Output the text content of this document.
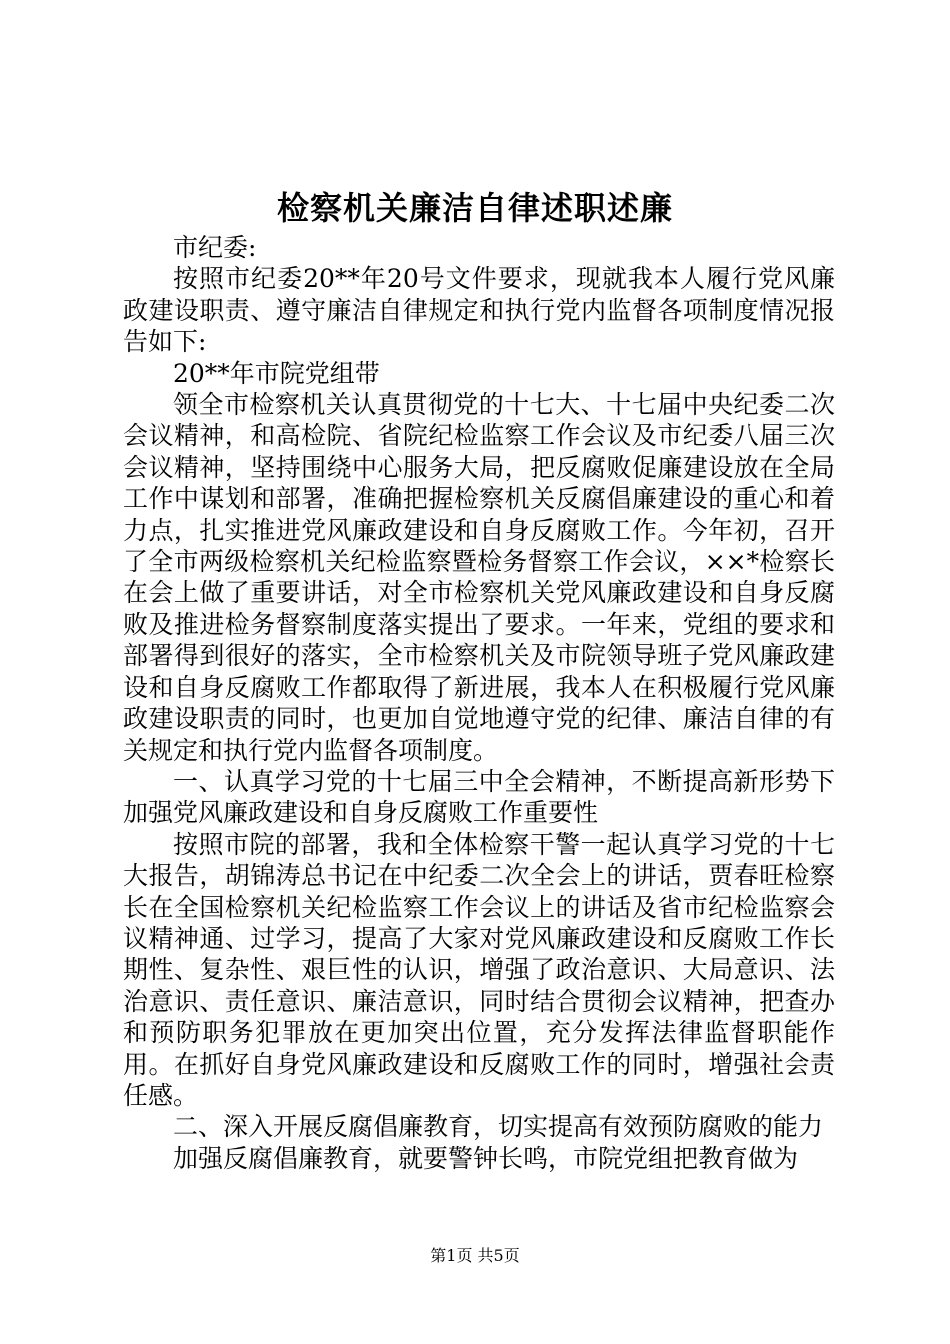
检察机关廉洁自律述职述廉

市纪委:

按照市纪委20**年20号文件要求，现就我本人履行党风廉政建设职责、遵守廉洁自律规定和执行党内监督各项制度情况报告如下:

20**年市院党组带

领全市检察机关认真贯彻党的十七大、十七届中央纪委二次会议精神，和高检院、省院纪检监察工作会议及市纪委八届三次会议精神，坚持围绕中心服务大局，把反腐败促廉建设放在全局工作中谋划和部署，准确把握检察机关反腐倡廉建设的重心和着力点，扎实推进党风廉政建设和自身反腐败工作。今年初，召开了全市两级检察机关纪检监察暨检务督察工作会议，××*检察长在会上做了重要讲话，对全市检察机关党风廉政建设和自身反腐败及推进检务督察制度落实提出了要求。一年来，党组的要求和部署得到很好的落实，全市检察机关及市院领导班子党风廉政建设和自身反腐败工作都取得了新进展，我本人在积极履行党风廉政建设职责的同时，也更加自觉地遵守党的纪律、廉洁自律的有关规定和执行党内监督各项制度。

一、认真学习党的十七届三中全会精神，不断提高新形势下加强党风廉政建设和自身反腐败工作重要性

按照市院的部署，我和全体检察干警一起认真学习党的十七大报告，胡锦涛总书记在中纪委二次全会上的讲话，贾春旺检察长在全国检察机关纪检监察工作会议上的讲话及省市纪检监察会议精神通、过学习，提高了大家对党风廉政建设和反腐败工作长期性、复杂性、艰巨性的认识，增强了政治意识、大局意识、法治意识、责任意识、廉洁意识，同时结合贯彻会议精神，把查办和预防职务犯罪放在更加突出位置，充分发挥法律监督职能作用。在抓好自身党风廉政建设和反腐败工作的同时，增强社会责任感。

二、深入开展反腐倡廉教育，切实提高有效预防腐败的能力

加强反腐倡廉教育，就要警钟长鸣，市院党组把教育做为

第1页 共5页
